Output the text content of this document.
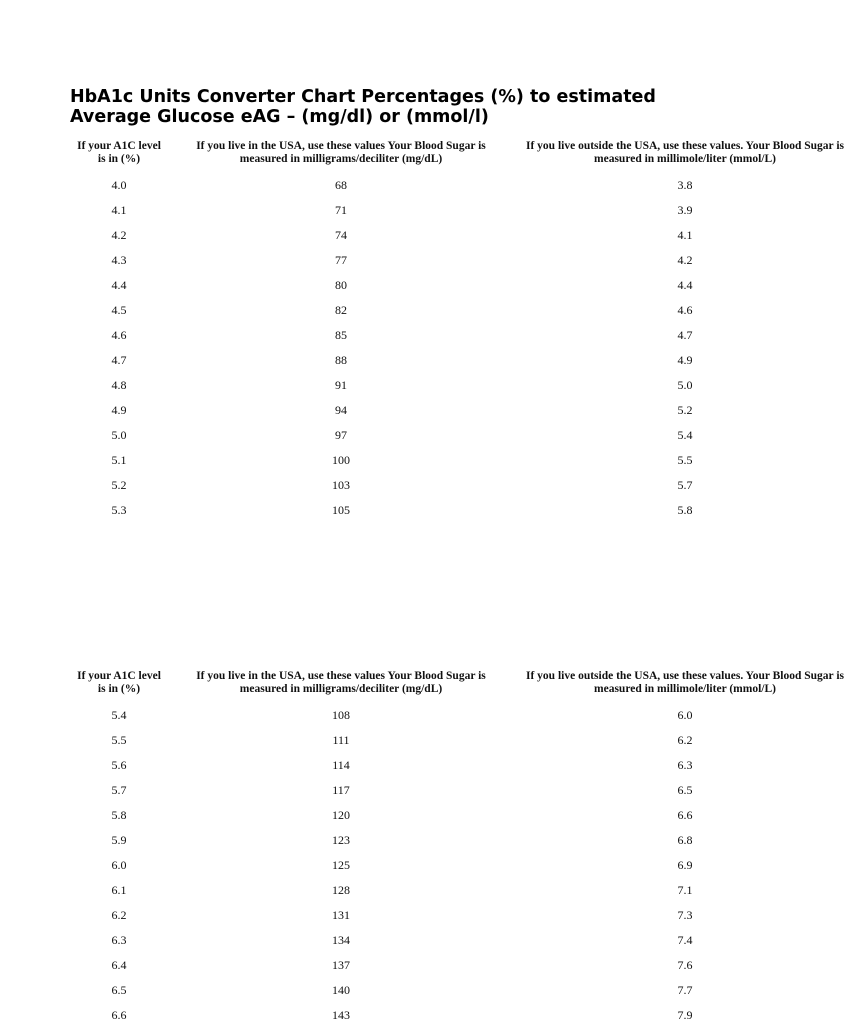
HbA1c Units Converter Chart Percentages (%) to estimated
Average Glucose eAG – (mg/dl) or (mmol/l)
If your A1C level
is in (%)
If you live in the USA, use these values Your Blood Sugar is
measured in milligrams/deciliter (mg/dL)
If you live outside the USA, use these values. Your Blood Sugar is
measured in millimole/liter (mmol/L)
4.0	68	3.8
4.1	71	3.9
4.2	74	4.1
4.3	77	4.2
4.4	80	4.4
4.5	82	4.6
4.6	85	4.7
4.7	88	4.9
4.8	91	5.0
4.9	94	5.2
5.0	97	5.4
5.1	100	5.5
5.2	103	5.7
5.3	105	5.8
If your A1C level
is in (%)
If you live in the USA, use these values Your Blood Sugar is
measured in milligrams/deciliter (mg/dL)
If you live outside the USA, use these values. Your Blood Sugar is
measured in millimole/liter (mmol/L)
5.4	108	6.0
5.5	111	6.2
5.6	114	6.3
5.7	117	6.5
5.8	120	6.6
5.9	123	6.8
6.0	125	6.9
6.1	128	7.1
6.2	131	7.3
6.3	134	7.4
6.4	137	7.6
6.5	140	7.7
6.6	143	7.9
